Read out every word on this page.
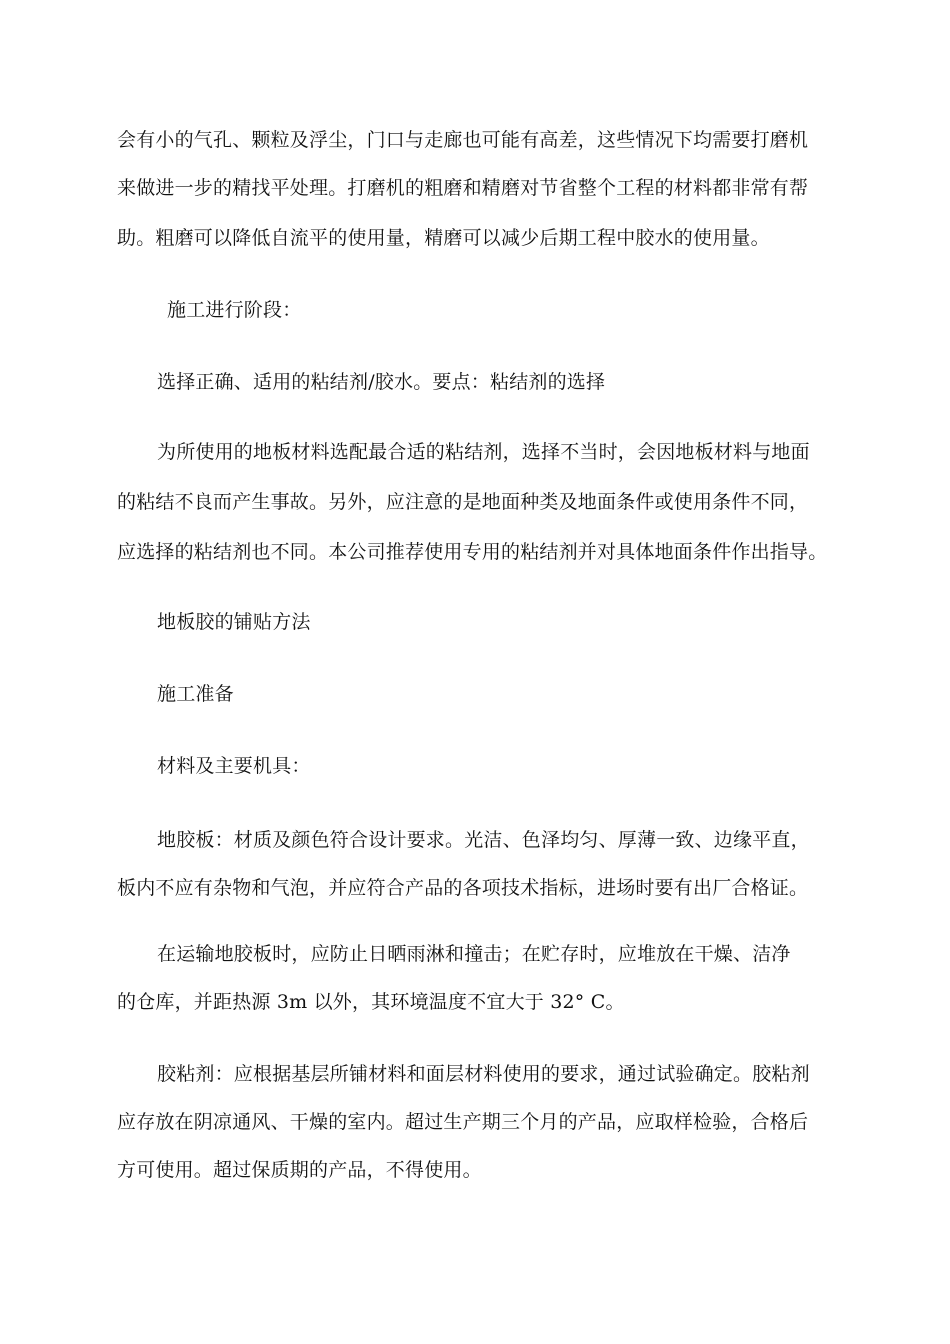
会有小的气孔、颗粒及浮尘，门口与走廊也可能有高差，这些情况下均需要打磨机
来做进一步的精找平处理。打磨机的粗磨和精磨对节省整个工程的材料都非常有帮
助。粗磨可以降低自流平的使用量，精磨可以减少后期工程中胶水的使用量。
施工进行阶段：
选择正确、适用的粘结剂/胶水。要点：粘结剂的选择
为所使用的地板材料选配最合适的粘结剂，选择不当时，会因地板材料与地面
的粘结不良而产生事故。另外，应注意的是地面种类及地面条件或使用条件不同，
应选择的粘结剂也不同。本公司推荐使用专用的粘结剂并对具体地面条件作出指导。
地板胶的铺贴方法
施工准备
材料及主要机具：
地胶板：材质及颜色符合设计要求。光洁、色泽均匀、厚薄一致、边缘平直，
板内不应有杂物和气泡，并应符合产品的各项技术指标，进场时要有出厂合格证。
在运输地胶板时，应防止日晒雨淋和撞击；在贮存时，应堆放在干燥、洁净
的仓库，并距热源 3m 以外，其环境温度不宜大于 32° C。
胶粘剂：应根据基层所铺材料和面层材料使用的要求，通过试验确定。胶粘剂
应存放在阴凉通风、干燥的室内。超过生产期三个月的产品，应取样检验，合格后
方可使用。超过保质期的产品，不得使用。
